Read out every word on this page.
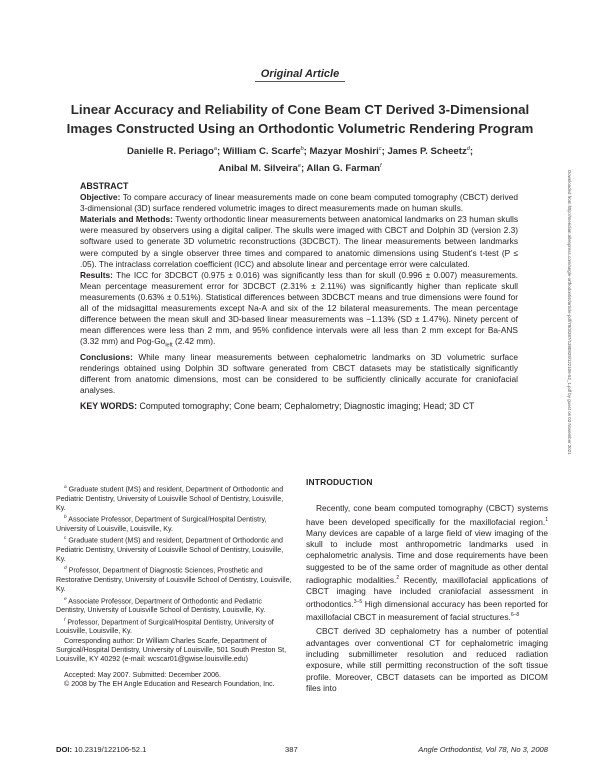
Original Article
Linear Accuracy and Reliability of Cone Beam CT Derived 3-Dimensional
Images Constructed Using an Orthodontic Volumetric Rendering Program
Danielle R. Periago$^a$; William C. Scarfe$^b$; Mazyar Moshiri$^c$; James P. Scheetz$^d$;
Anibal M. Silveira$^e$; Allan G. Farman$^f$

ABSTRACT

Objective: To compare accuracy of linear measurements made on cone beam computed tomography (CBCT) derived 3-dimensional (3D) surface rendered volumetric images to direct measurements made on human skulls.

Materials and Methods: Twenty orthodontic linear measurements between anatomical landmarks on 23 human skulls were measured by observers using a digital caliper. The skulls were imaged with CBCT and Dolphin 3D (version 2.3) software used to generate 3D volumetric reconstructions (3DCBCT). The linear measurements between landmarks were computed by a single observer three times and compared to anatomic dimensions using Student's t-test (P ≤ .05). The intraclass correlation coefficient (ICC) and absolute linear and percentage error were calculated.

Results: The ICC for 3DCBCT (0.975 ± 0.016) was significantly less than for skull (0.996 ± 0.007) measurements. Mean percentage measurement error for 3DCBCT (2.31% ± 2.11%) was significantly higher than replicate skull measurements (0.63% ± 0.51%). Statistical differences between 3DCBCT means and true dimensions were found for all of the midsagittal measurements except Na-A and six of the 12 bilateral measurements. The mean percentage difference between the mean skull and 3D-based linear measurements was −1.13% (SD ± 1.47%). Ninety percent of mean differences were less than 2 mm, and 95% confidence intervals were all less than 2 mm except for Ba-ANS (3.32 mm) and Pog-$Go_{left}$ (2.42 mm).

Conclusions: While many linear measurements between cephalometric landmarks on 3D volumetric surface renderings obtained using Dolphin 3D software generated from CBCT datasets may be statistically significantly different from anatomic dimensions, most can be considered to be sufficiently clinically accurate for craniofacial analyses.

KEY WORDS: Computed tomography; Cone beam; Cephalometry; Diagnostic imaging; Head; 3D CT

$^a$ Graduate student (MS) and resident, Department of Orthodontic and Pediatric Dentistry, University of Louisville School of Dentistry, Louisville, Ky.

$^b$ Associate Professor, Department of Surgical/Hospital Dentistry, University of Louisville, Louisville, Ky.

$^c$ Graduate student (MS) and resident, Department of Orthodontic and Pediatric Dentistry, University of Louisville School of Dentistry, Louisville, Ky.

$^d$ Professor, Department of Diagnostic Sciences, Prosthetic and Restorative Dentistry, University of Louisville School of Dentistry, Louisville, Ky.

$^e$ Associate Professor, Department of Orthodontic and Pediatric Dentistry, University of Louisville School of Dentistry, Louisville, Ky.

$^f$ Professor, Department of Surgical/Hospital Dentistry, University of Louisville, Louisville, Ky.

Corresponding author: Dr William Charles Scarfe, Department of Surgical/Hospital Dentistry, University of Louisville, 501 South Preston St, Louisville, KY 40292 (e-mail: wcscar01@gwise.louisville.edu)

Accepted: May 2007. Submitted: December 2006.

© 2008 by The EH Angle Education and Research Foundation, Inc.

INTRODUCTION

Recently, cone beam computed tomography (CBCT) systems have been developed specifically for the maxillofacial region.$^1$ Many devices are capable of a large field of view imaging of the skull to include most anthropometric landmarks used in cephalometric analysis. Time and dose requirements have been suggested to be of the same order of magnitude as other dental radiographic modalities.$^2$ Recently, maxillofacial applications of CBCT imaging have included craniofacial assessment in orthodontics.$^{3-5}$ High dimensional accuracy has been reported for maxillofacial CBCT in measurement of facial structures.$^{6-8}$

CBCT derived 3D cephalometry has a number of potential advantages over conventional CT for cephalometric imaging including submillimeter resolution and reduced radiation exposure, while still permitting reconstruction of the soft tissue profile. Moreover, CBCT datasets can be imported as DICOM files into

Downloaded from http://meridian.allenpress.com/angle-orthodontist/article-pdf/78/3/387/1380828/122106-52_1.pdf by guest on 03 November 2021
DOI: 10.2319/122106-52.1	387	Angle Orthodontist, Vol 78, No 3, 2008
